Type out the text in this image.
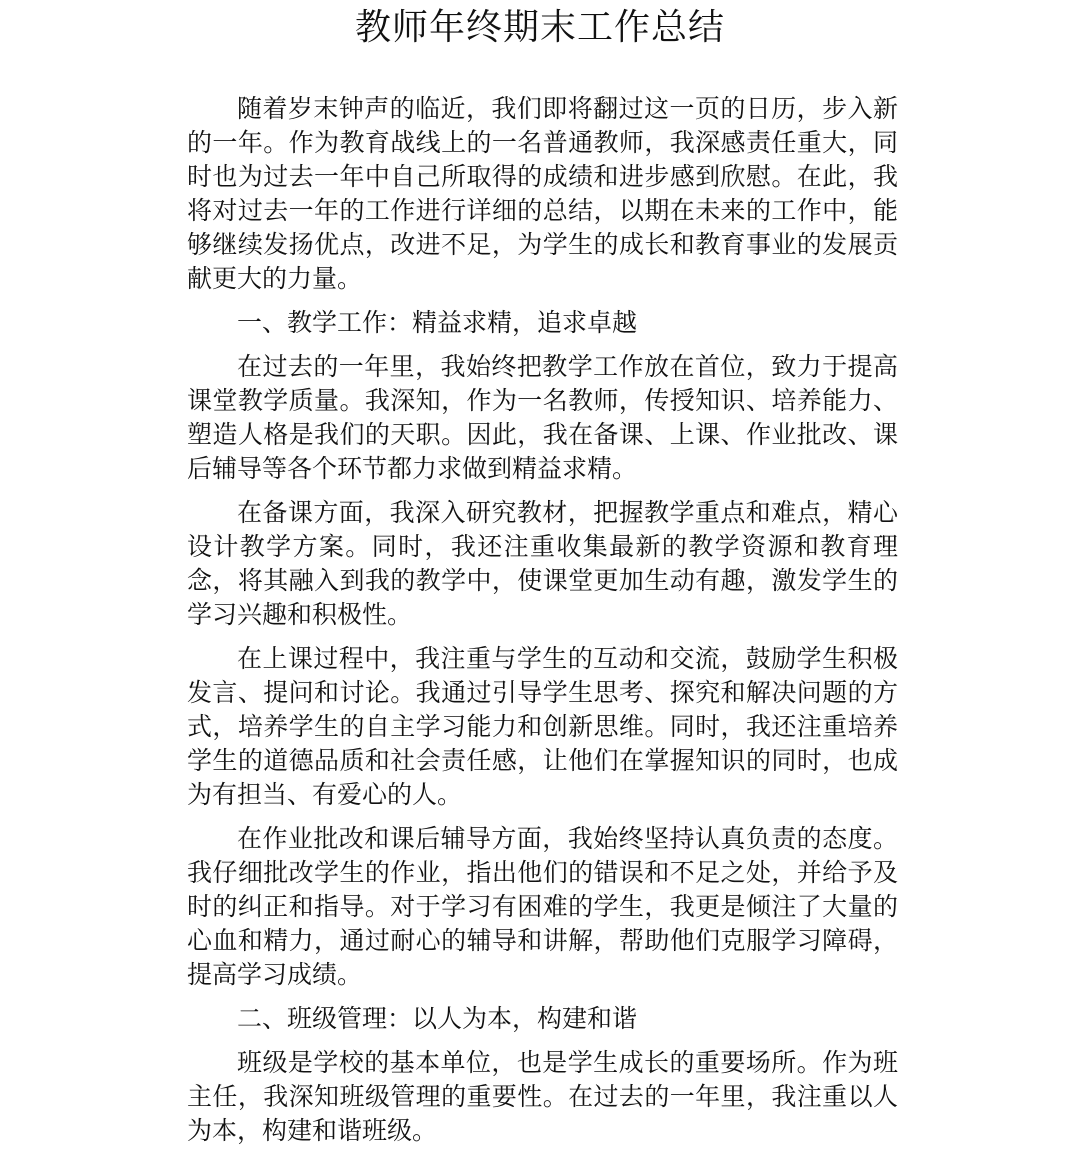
教师年终期末工作总结

随着岁末钟声的临近，我们即将翻过这一页的日历，步入新的一年。作为教育战线上的一名普通教师，我深感责任重大，同时也为过去一年中自己所取得的成绩和进步感到欣慰。在此，我将对过去一年的工作进行详细的总结，以期在未来的工作中，能够继续发扬优点，改进不足，为学生的成长和教育事业的发展贡献更大的力量。

一、教学工作：精益求精，追求卓越

在过去的一年里，我始终把教学工作放在首位，致力于提高课堂教学质量。我深知，作为一名教师，传授知识、培养能力、塑造人格是我们的天职。因此，我在备课、上课、作业批改、课后辅导等各个环节都力求做到精益求精。

在备课方面，我深入研究教材，把握教学重点和难点，精心设计教学方案。同时，我还注重收集最新的教学资源和教育理念，将其融入到我的教学中，使课堂更加生动有趣，激发学生的学习兴趣和积极性。

在上课过程中，我注重与学生的互动和交流，鼓励学生积极发言、提问和讨论。我通过引导学生思考、探究和解决问题的方式，培养学生的自主学习能力和创新思维。同时，我还注重培养学生的道德品质和社会责任感，让他们在掌握知识的同时，也成为有担当、有爱心的人。

在作业批改和课后辅导方面，我始终坚持认真负责的态度。我仔细批改学生的作业，指出他们的错误和不足之处，并给予及时的纠正和指导。对于学习有困难的学生，我更是倾注了大量的心血和精力，通过耐心的辅导和讲解，帮助他们克服学习障碍，提高学习成绩。

二、班级管理：以人为本，构建和谐

班级是学校的基本单位，也是学生成长的重要场所。作为班主任，我深知班级管理的重要性。在过去的一年里，我注重以人为本，构建和谐班级。
